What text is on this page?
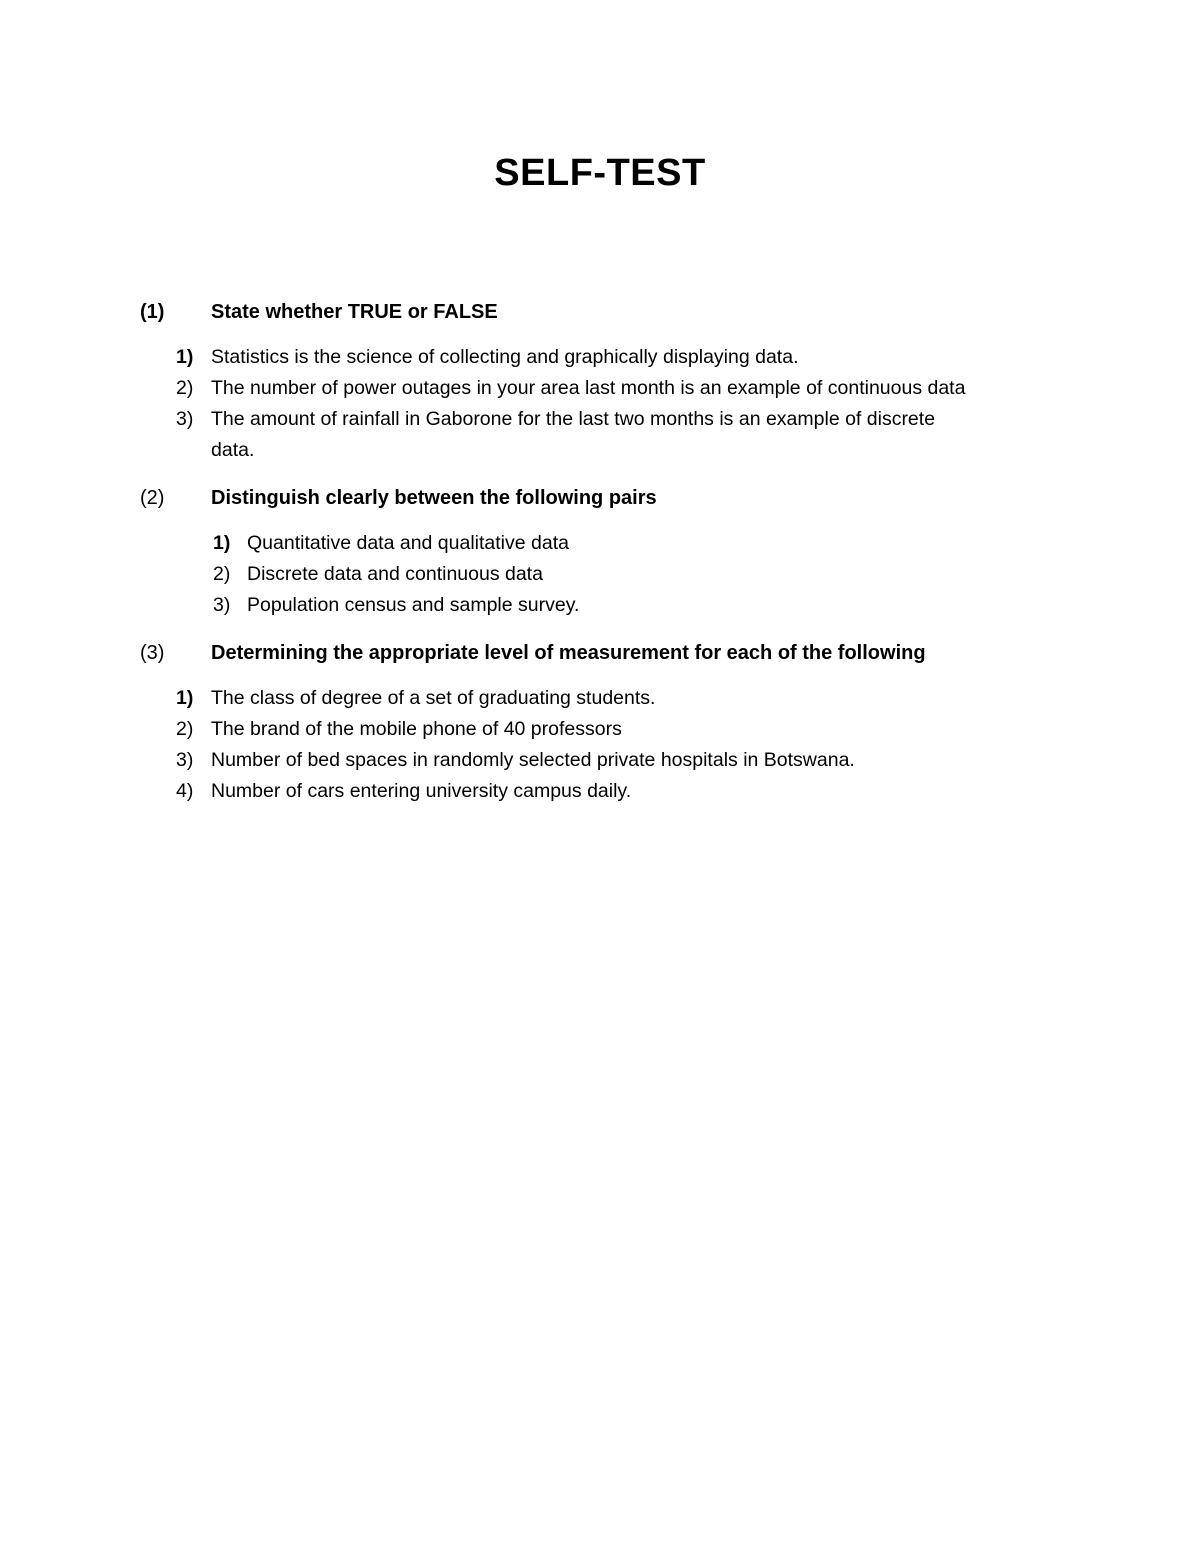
SELF-TEST
(1) State whether TRUE or FALSE
1) Statistics is the science of collecting and graphically displaying data.
2) The number of power outages in your area last month is an example of continuous data
3) The amount of rainfall in Gaborone for the last two months is an example of discrete
data.
(2) Distinguish clearly between the following pairs
1) Quantitative data and qualitative data
2) Discrete data and continuous data
3) Population census and sample survey.
(3) Determining the appropriate level of measurement for each of the following
1) The class of degree of a set of graduating students.
2) The brand of the mobile phone of 40 professors
3) Number of bed spaces in randomly selected private hospitals in Botswana.
4) Number of cars entering university campus daily.
